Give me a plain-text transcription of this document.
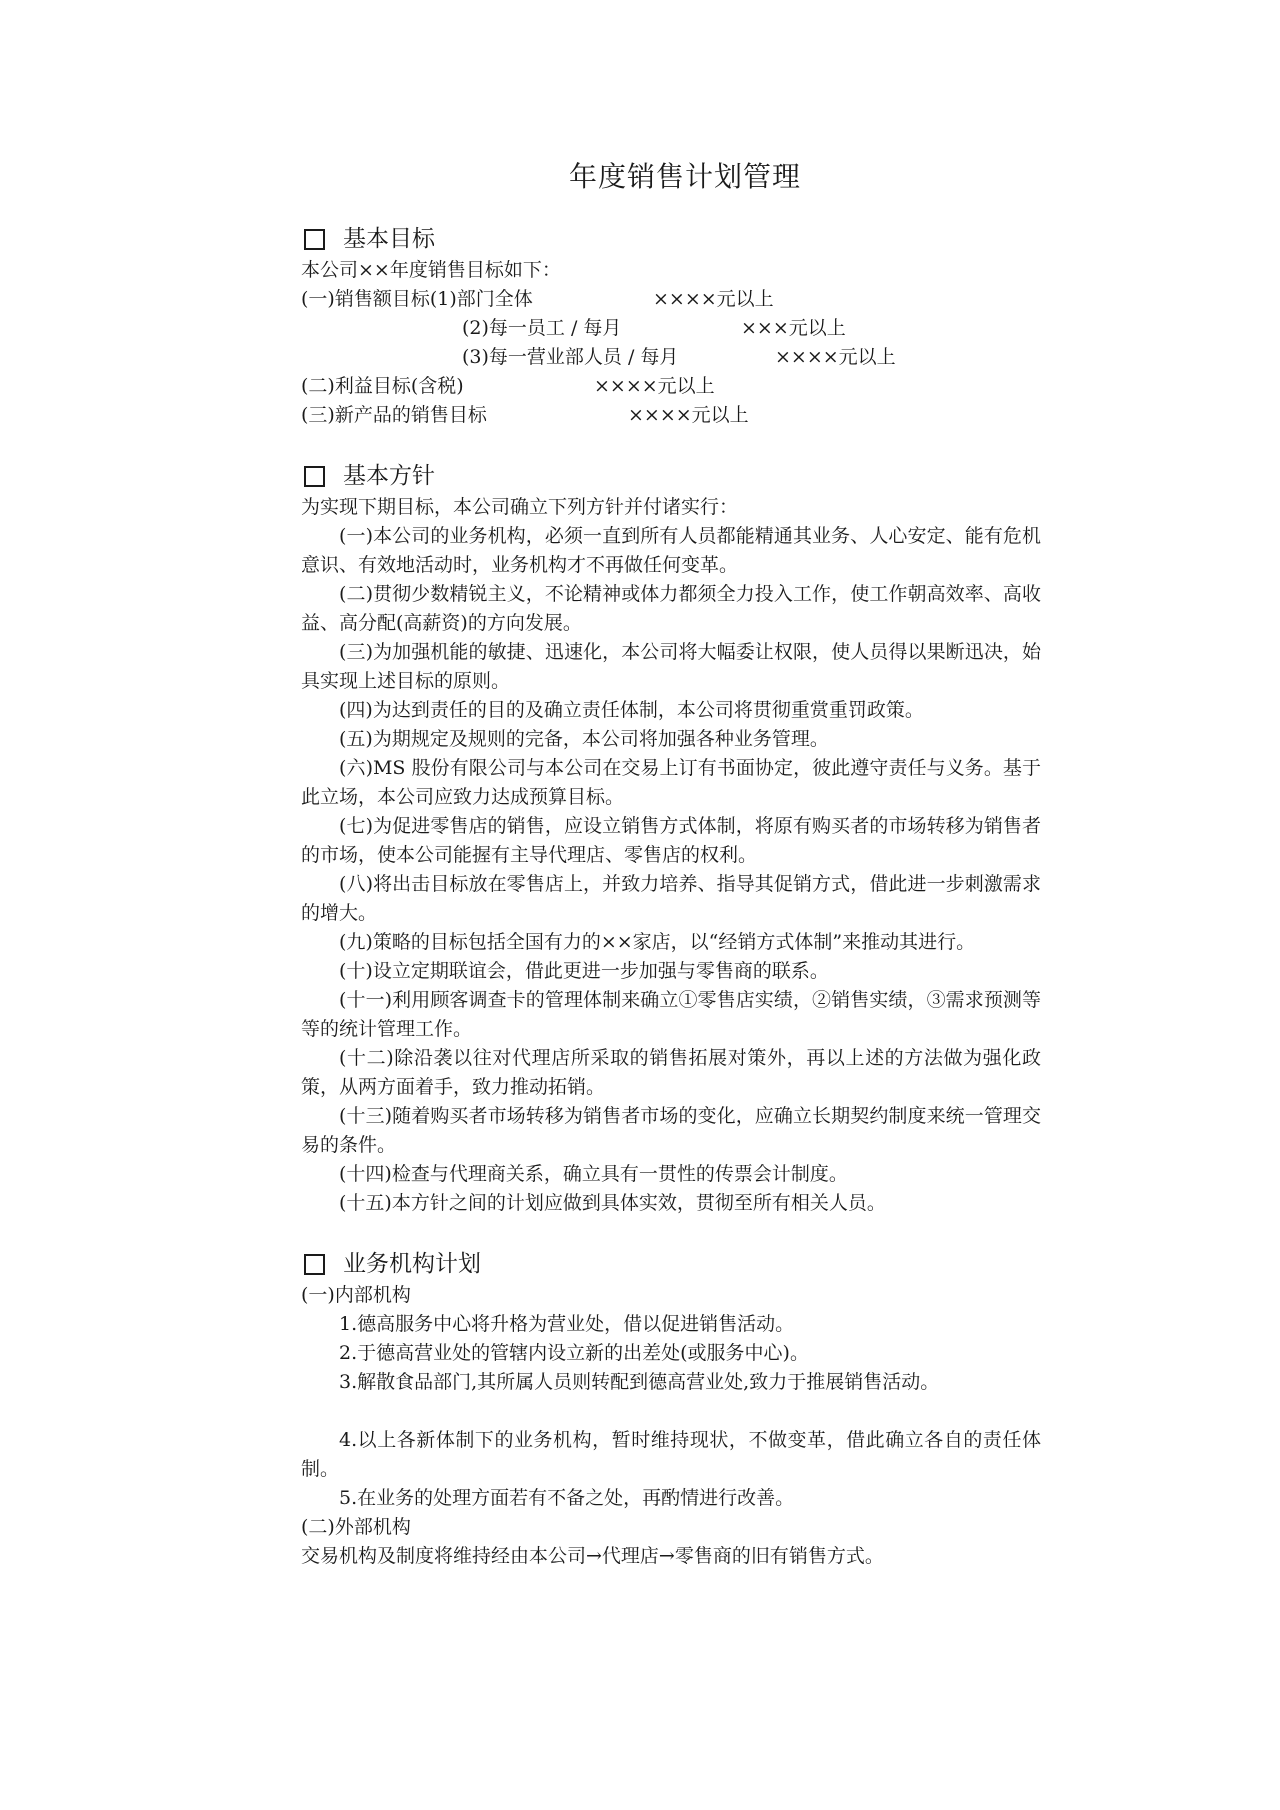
年度销售计划管理
基本目标
本公司××年度销售目标如下：
(一)销售额目标(1)部门全体	××××元以上
(2)每一员工 / 每月	×××元以上
(3)每一营业部人员 / 每月	××××元以上
(二)利益目标(含税)	××××元以上
(三)新产品的销售目标	××××元以上
基本方针
为实现下期目标，本公司确立下列方针并付诸实行：

(一)本公司的业务机构，必须一直到所有人员都能精通其业务、人心安定、能有危机意识、有效地活动时，业务机构才不再做任何变革。

(二)贯彻少数精锐主义，不论精神或体力都须全力投入工作，使工作朝高效率、高收益、高分配(高薪资)的方向发展。

(三)为加强机能的敏捷、迅速化，本公司将大幅委让权限，使人员得以果断迅决，始具实现上述目标的原则。

(四)为达到责任的目的及确立责任体制，本公司将贯彻重赏重罚政策。

(五)为期规定及规则的完备，本公司将加强各种业务管理。

(六)MS 股份有限公司与本公司在交易上订有书面协定，彼此遵守责任与义务。基于此立场，本公司应致力达成预算目标。

(七)为促进零售店的销售，应设立销售方式体制，将原有购买者的市场转移为销售者的市场，使本公司能握有主导代理店、零售店的权利。

(八)将出击目标放在零售店上，并致力培养、指导其促销方式，借此进一步刺激需求的增大。

(九)策略的目标包括全国有力的××家店，以“经销方式体制”来推动其进行。

(十)设立定期联谊会，借此更进一步加强与零售商的联系。

(十一)利用顾客调查卡的管理体制来确立①零售店实绩，②销售实绩，③需求预测等等的统计管理工作。

(十二)除沿袭以往对代理店所采取的销售拓展对策外，再以上述的方法做为强化政策，从两方面着手，致力推动拓销。

(十三)随着购买者市场转移为销售者市场的变化，应确立长期契约制度来统一管理交易的条件。

(十四)检查与代理商关系，确立具有一贯性的传票会计制度。

(十五)本方针之间的计划应做到具体实效，贯彻至所有相关人员。

业务机构计划
(一)内部机构

1.德高服务中心将升格为营业处，借以促进销售活动。

2.于德高营业处的管辖内设立新的出差处(或服务中心)。

3.解散食品部门,其所属人员则转配到德高营业处,致力于推展销售活动。

4.以上各新体制下的业务机构，暂时维持现状，不做变革，借此确立各自的责任体制。

5.在业务的处理方面若有不备之处，再酌情进行改善。

(二)外部机构

交易机构及制度将维持经由本公司→代理店→零售商的旧有销售方式。
